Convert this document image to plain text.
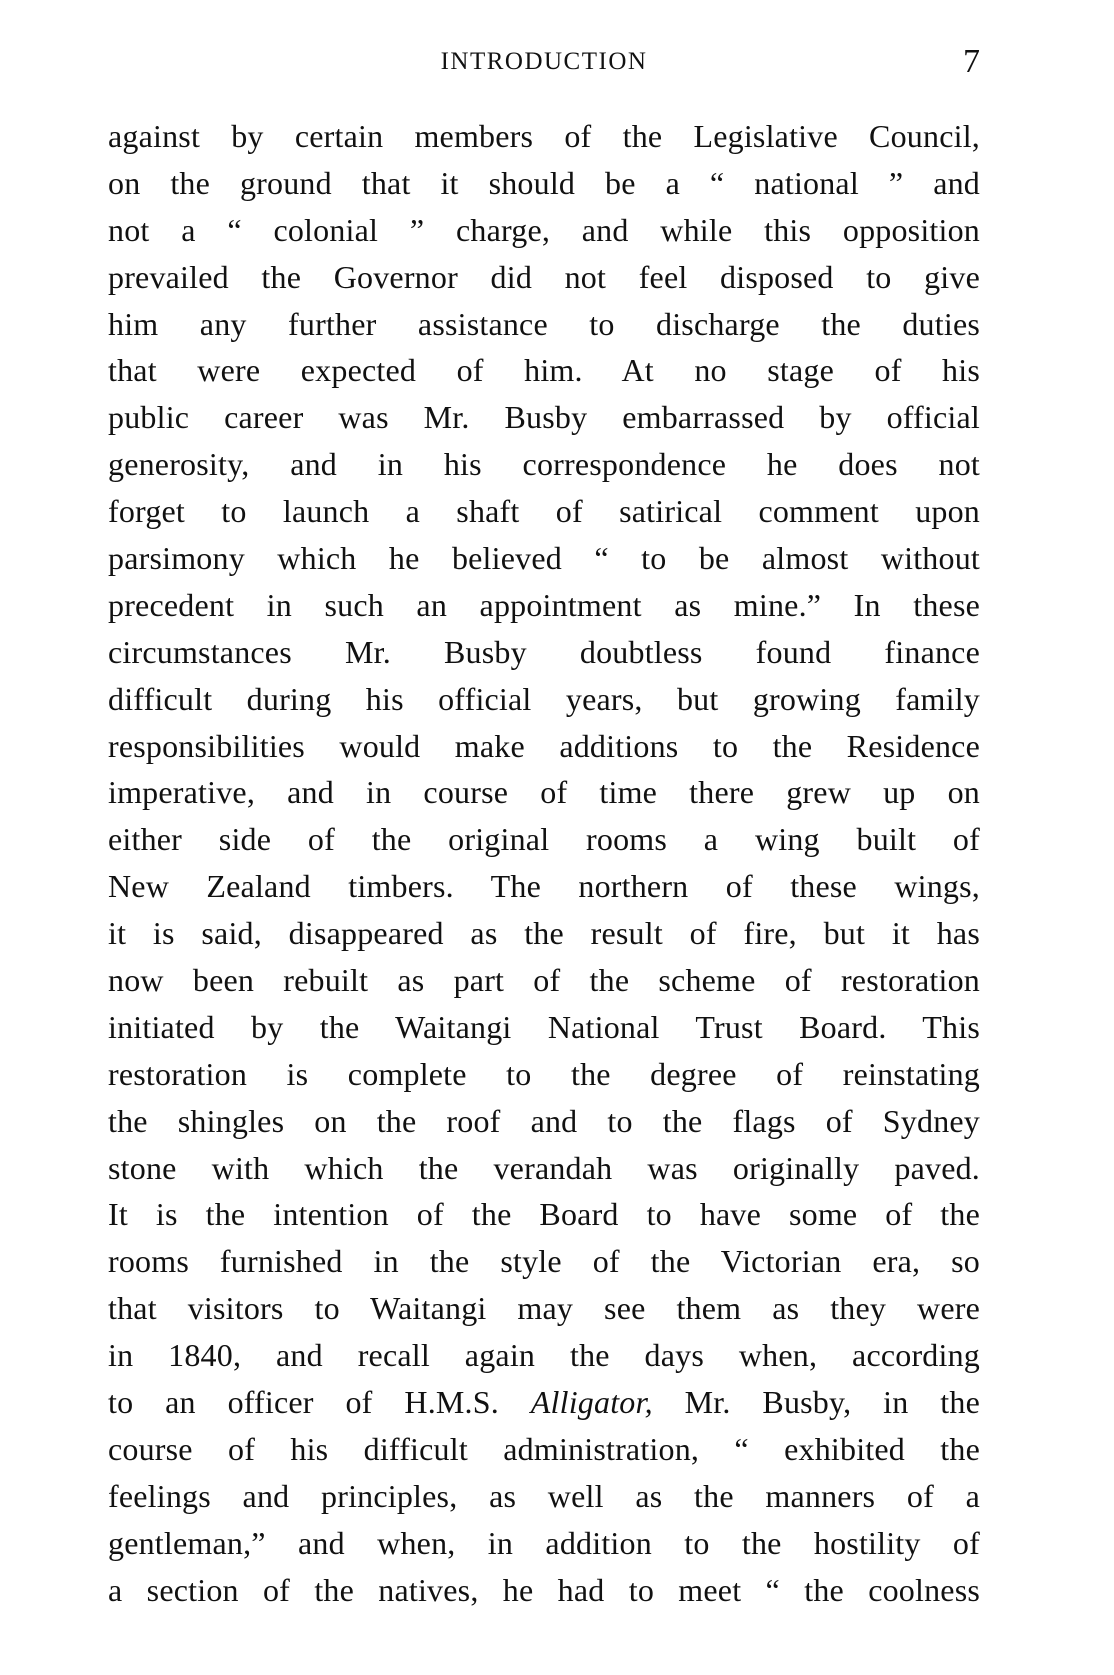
INTRODUCTION	7
against by certain members of the Legislative Council,
on the ground that it should be a “ national ” and
not a “ colonial ” charge, and while this opposition
prevailed the Governor did not feel disposed to give
him any further assistance to discharge the duties
that were expected of him. At no stage of his
public career was Mr. Busby embarrassed by official
generosity, and in his correspondence he does not
forget to launch a shaft of satirical comment upon
parsimony which he believed “ to be almost without
precedent in such an appointment as mine.” In these
circumstances Mr. Busby doubtless found finance
difficult during his official years, but growing family
responsibilities would make additions to the Residence
imperative, and in course of time there grew up on
either side of the original rooms a wing built of
New Zealand timbers. The northern of these wings,
it is said, disappeared as the result of fire, but it has
now been rebuilt as part of the scheme of restoration
initiated by the Waitangi National Trust Board. This
restoration is complete to the degree of reinstating
the shingles on the roof and to the flags of Sydney
stone with which the verandah was originally paved.
It is the intention of the Board to have some of the
rooms furnished in the style of the Victorian era, so
that visitors to Waitangi may see them as they were
in 1840, and recall again the days when, according
to an officer of H.M.S. Alligator, Mr. Busby, in the
course of his difficult administration, “ exhibited the
feelings and principles, as well as the manners of a
gentleman,” and when, in addition to the hostility of
a section of the natives, he had to meet “ the coolness
